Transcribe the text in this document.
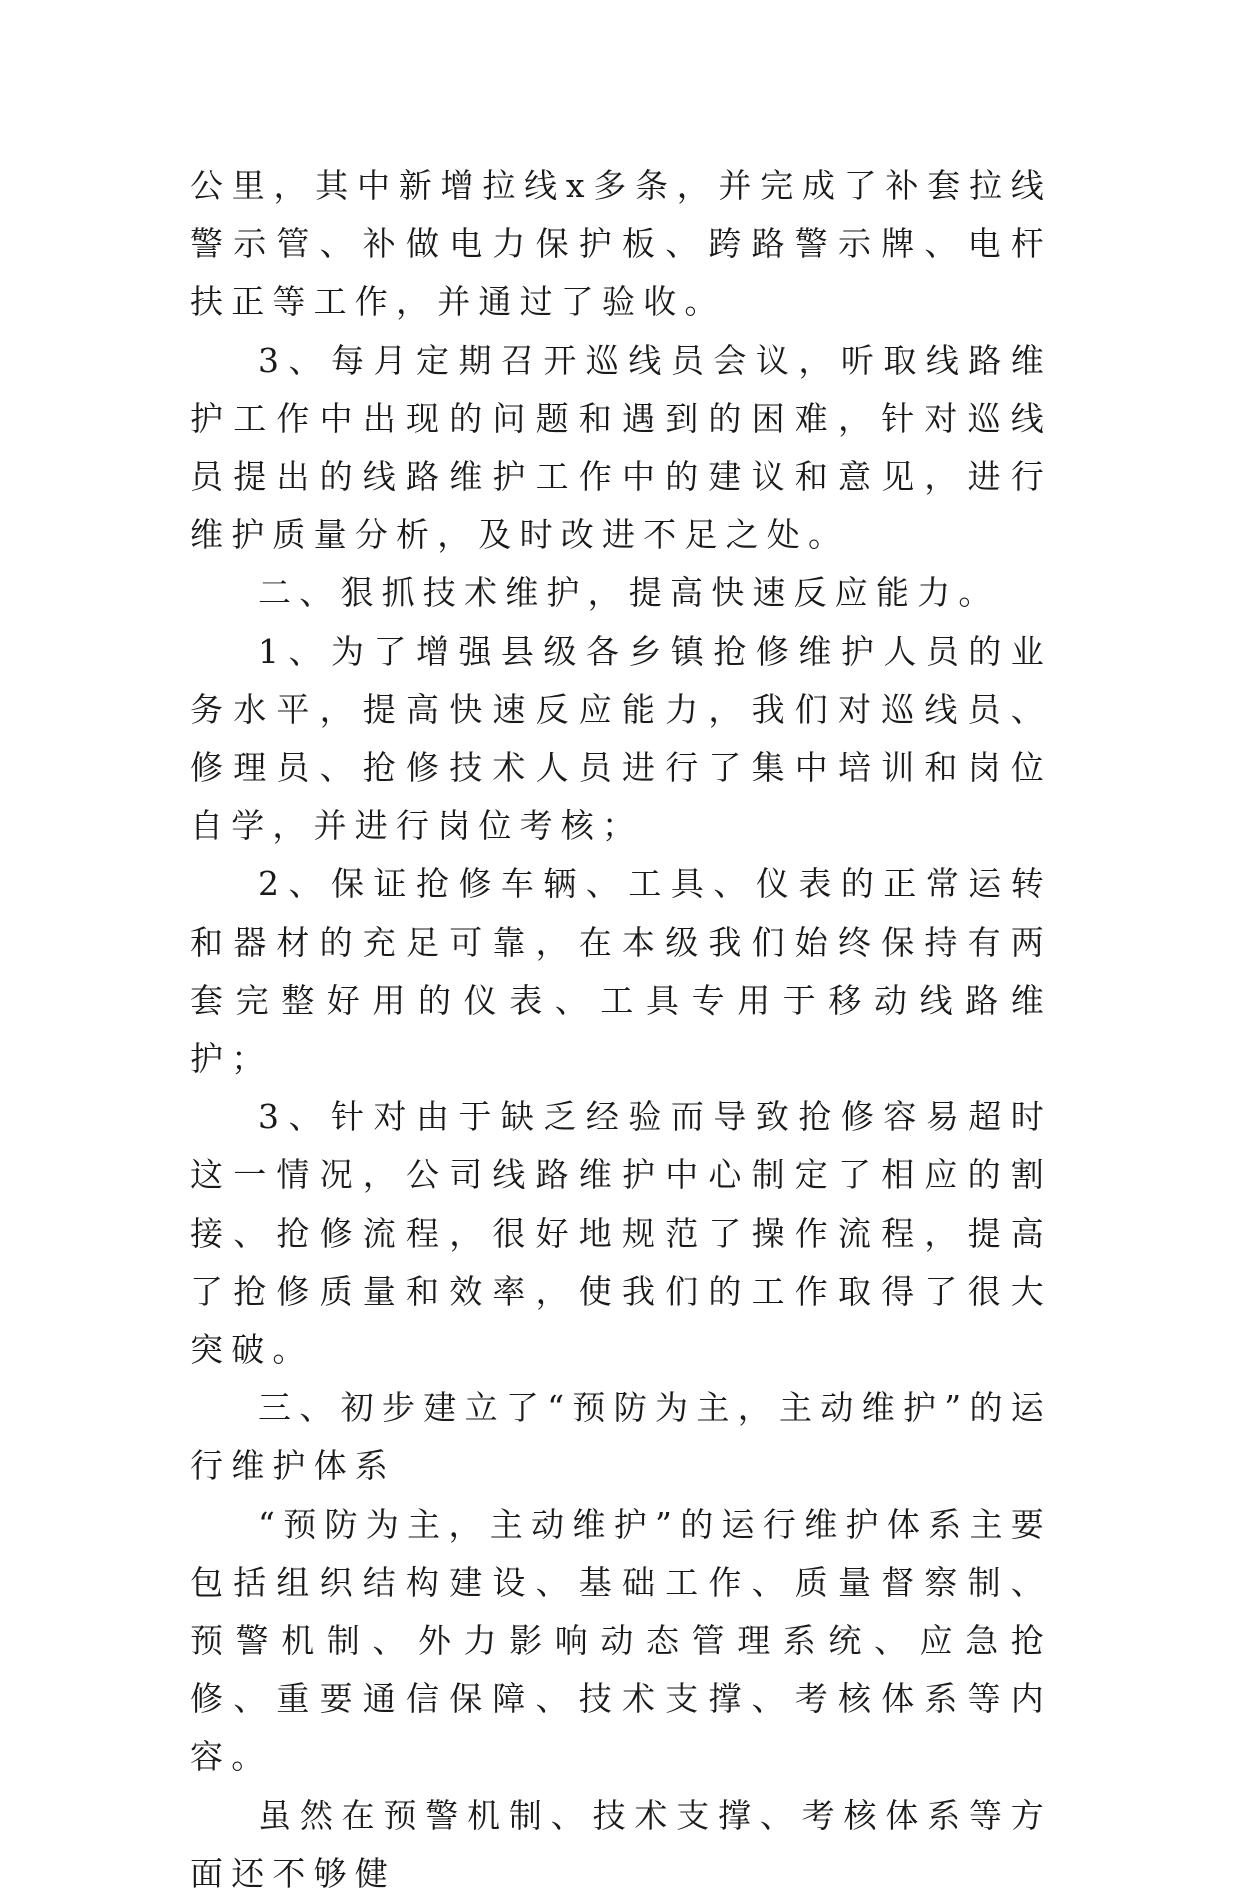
公里，其中新增拉线x多条，并完成了补套拉线警示管、补做电力保护板、跨路警示牌、电杆扶正等工作，并通过了验收。

3、每月定期召开巡线员会议，听取线路维护工作中出现的问题和遇到的困难，针对巡线员提出的线路维护工作中的建议和意见，进行维护质量分析，及时改进不足之处。

二、狠抓技术维护，提高快速反应能力。

1、为了增强县级各乡镇抢修维护人员的业务水平，提高快速反应能力，我们对巡线员、修理员、抢修技术人员进行了集中培训和岗位自学，并进行岗位考核；

2、保证抢修车辆、工具、仪表的正常运转和器材的充足可靠，在本级我们始终保持有两套完整好用的仪表、工具专用于移动线路维护；

3、针对由于缺乏经验而导致抢修容易超时这一情况，公司线路维护中心制定了相应的割接、抢修流程，很好地规范了操作流程，提高了抢修质量和效率，使我们的工作取得了很大突破。

三、初步建立了“预防为主，主动维护”的运行维护体系

“预防为主，主动维护”的运行维护体系主要包括组织结构建设、基础工作、质量督察制、预警机制、外力影响动态管理系统、应急抢修、重要通信保障、技术支撑、考核体系等内容。

虽然在预警机制、技术支撑、考核体系等方面还不够健
